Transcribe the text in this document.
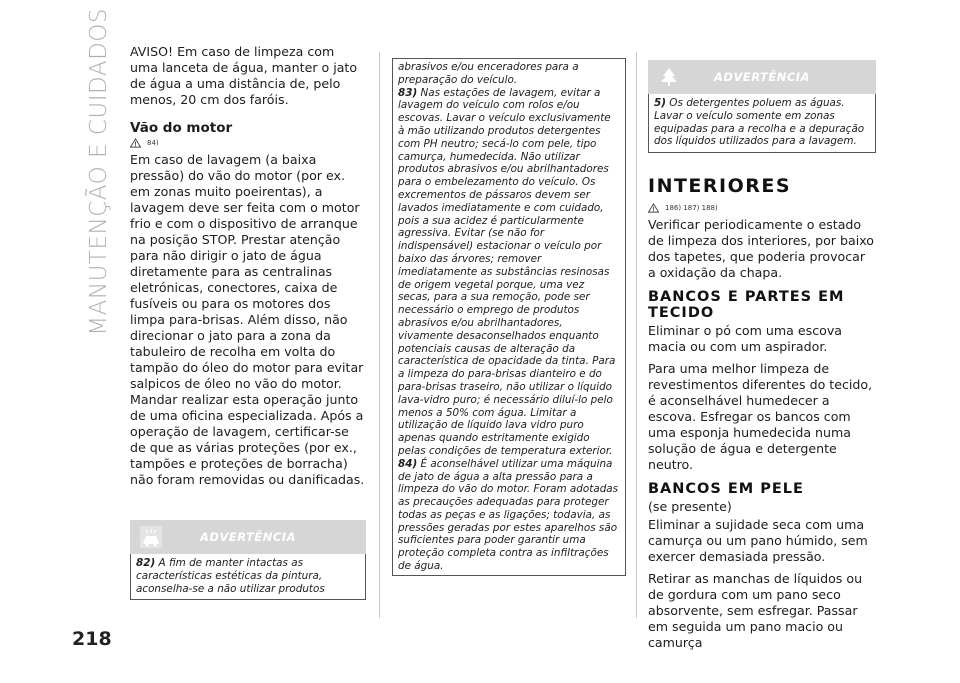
MANUTENÇÃO E CUIDADOS
218

AVISO! Em caso de limpeza com uma lanceta de água, manter o jato de água a uma distância de, pelo menos, 20 cm dos faróis.

Vão do motor
84)

Em caso de lavagem (a baixa pressão) do vão do motor (por ex. em zonas muito poeirentas), a lavagem deve ser feita com o motor frio e com o dispositivo de arranque na posição STOP. Prestar atenção para não dirigir o jato de água diretamente para as centralinas eletrónicas, conectores, caixa de fusíveis ou para os motores dos limpa para-brisas. Além disso, não direcionar o jato para a zona da tabuleiro de recolha em volta do tampão do óleo do motor para evitar salpicos de óleo no vão do motor. Mandar realizar esta operação junto de uma oficina especializada. Após a operação de lavagem, certificar-se de que as várias proteções (por ex., tampões e proteções de borracha) não foram removidas ou danificadas.

ADVERTÊNCIA

82) A fim de manter intactas as características estéticas da pintura, aconselha-se a não utilizar produtos

abrasivos e/ou enceradores para a preparação do veículo.

83) Nas estações de lavagem, evitar a lavagem do veículo com rolos e/ou escovas. Lavar o veículo exclusivamente à mão utilizando produtos detergentes com PH neutro; secá-lo com pele, tipo camurça, humedecida. Não utilizar produtos abrasivos e/ou abrilhantadores para o embelezamento do veículo. Os excrementos de pássaros devem ser lavados imediatamente e com cuidado, pois a sua acidez é particularmente agressiva. Evitar (se não for indispensável) estacionar o veículo por baixo das árvores; remover imediatamente as substâncias resinosas de origem vegetal porque, uma vez secas, para a sua remoção, pode ser necessário o emprego de produtos abrasivos e/ou abrilhantadores, vivamente desaconselhados enquanto potenciais causas de alteração da característica de opacidade da tinta. Para a limpeza do para-brisas dianteiro e do para-brisas traseiro, não utilizar o líquido lava-vidro puro; é necessário diluí-lo pelo menos a 50% com água. Limitar a utilização de líquido lava vidro puro apenas quando estritamente exigido pelas condições de temperatura exterior.

84) É aconselhável utilizar uma máquina de jato de água a alta pressão para a limpeza do vão do motor. Foram adotadas as precauções adequadas para proteger todas as peças e as ligações; todavia, as pressões geradas por estes aparelhos são suficientes para poder garantir uma proteção completa contra as infiltrações de água.

ADVERTÊNCIA

5) Os detergentes poluem as águas. Lavar o veículo somente em zonas equipadas para a recolha e a depuração dos líquidos utilizados para a lavagem.

INTERIORES
186) 187) 188)

Verificar periodicamente o estado de limpeza dos interiores, por baixo dos tapetes, que poderia provocar a oxidação da chapa.

BANCOS E PARTES EM TECIDO

Eliminar o pó com uma escova macia ou com um aspirador.

Para uma melhor limpeza de revestimentos diferentes do tecido, é aconselhável humedecer a escova. Esfregar os bancos com uma esponja humedecida numa solução de água e detergente neutro.

BANCOS EM PELE

(se presente)

Eliminar a sujidade seca com uma camurça ou um pano húmido, sem exercer demasiada pressão.

Retirar as manchas de líquidos ou de gordura com um pano seco absorvente, sem esfregar. Passar em seguida um pano macio ou camurça
